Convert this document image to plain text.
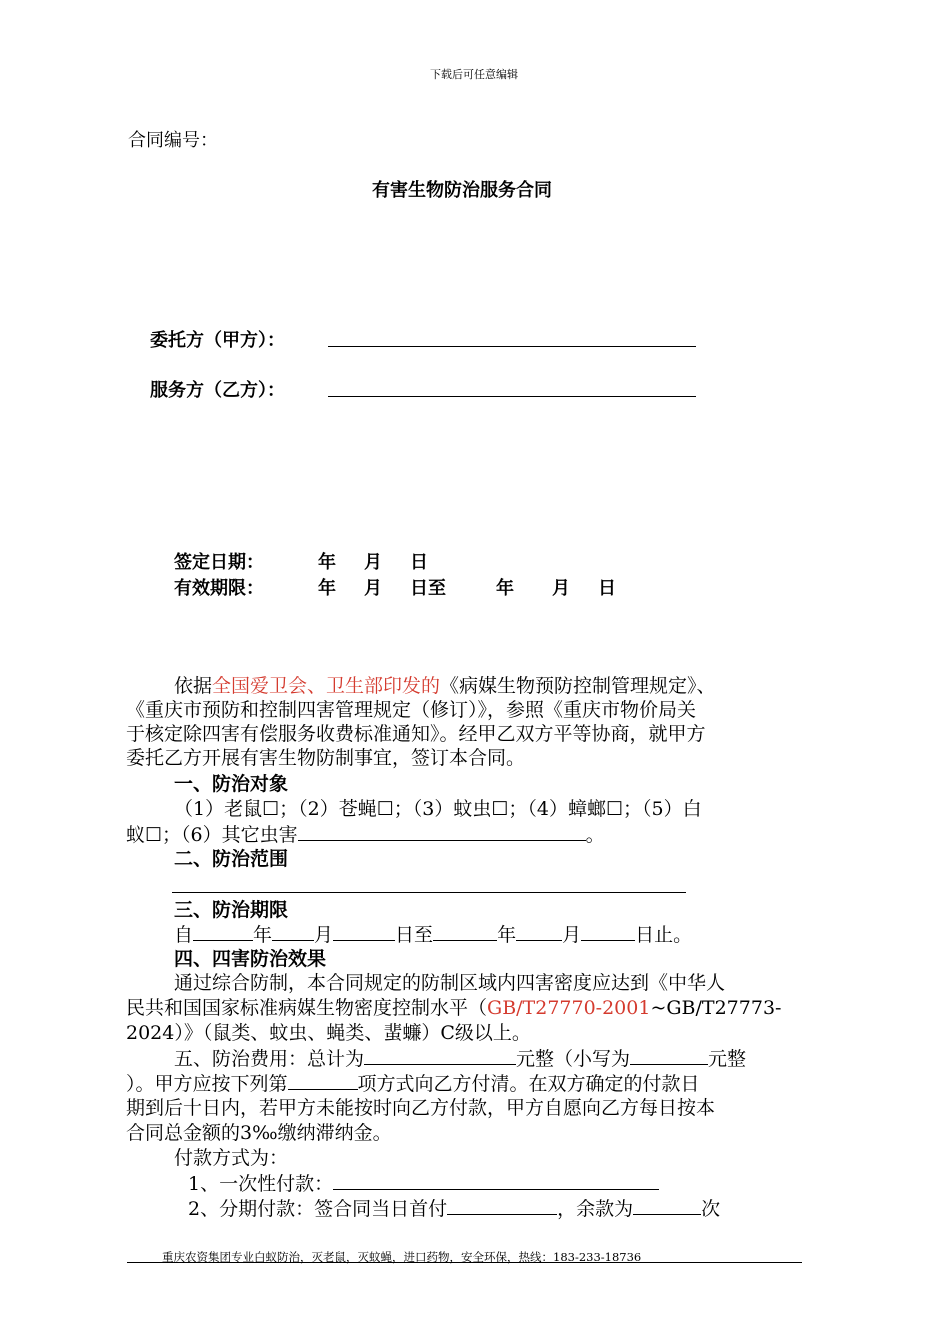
下载后可任意编辑
合同编号：
有害生物防治服务合同
委托方（甲方）：
服务方（乙方）：
签定日期：	年 月 日
有效期限：	年 月 日至	年 月 日
依据全国爱卫会、卫生部印发的《病媒生物预防控制管理规定》、
《重庆市预防和控制四害管理规定（修订）》，参照《重庆市物价局关
于核定除四害有偿服务收费标准通知》。经甲乙双方平等协商，就甲方
委托乙方开展有害生物防制事宜，签订本合同。
一、防治对象
（1）老鼠☐；（2）苍蝇☐；（3）蚊虫☐；（4）蟑螂☐；（5）白
蚁☐；（6）其它虫害	。
二、防治范围
三、防治期限
自	年 月	日至	年 月	日止。
四、四害防治效果
通过综合防制，本合同规定的防制区域内四害密度应达到《中华人
民共和国国家标准病媒生物密度控制水平（GB/T27770-2001~GB/T27773-
2024）》（鼠类、蚊虫、蝇类、蜚蠊）C级以上。
五、防治费用：总计为	元整（小写为	元整
）。甲方应按下列第	项方式向乙方付清。在双方确定的付款日
期到后十日内，若甲方未能按时向乙方付款，甲方自愿向乙方每日按本
合同总金额的3‰缴纳滞纳金。
付款方式为：
1、一次性付款：
2、分期付款：签合同当日首付	，余款为	次
重庆农资集团专业白蚁防治，灭老鼠，灭蚊蝇，进口药物，安全环保，热线：183-233-18736
